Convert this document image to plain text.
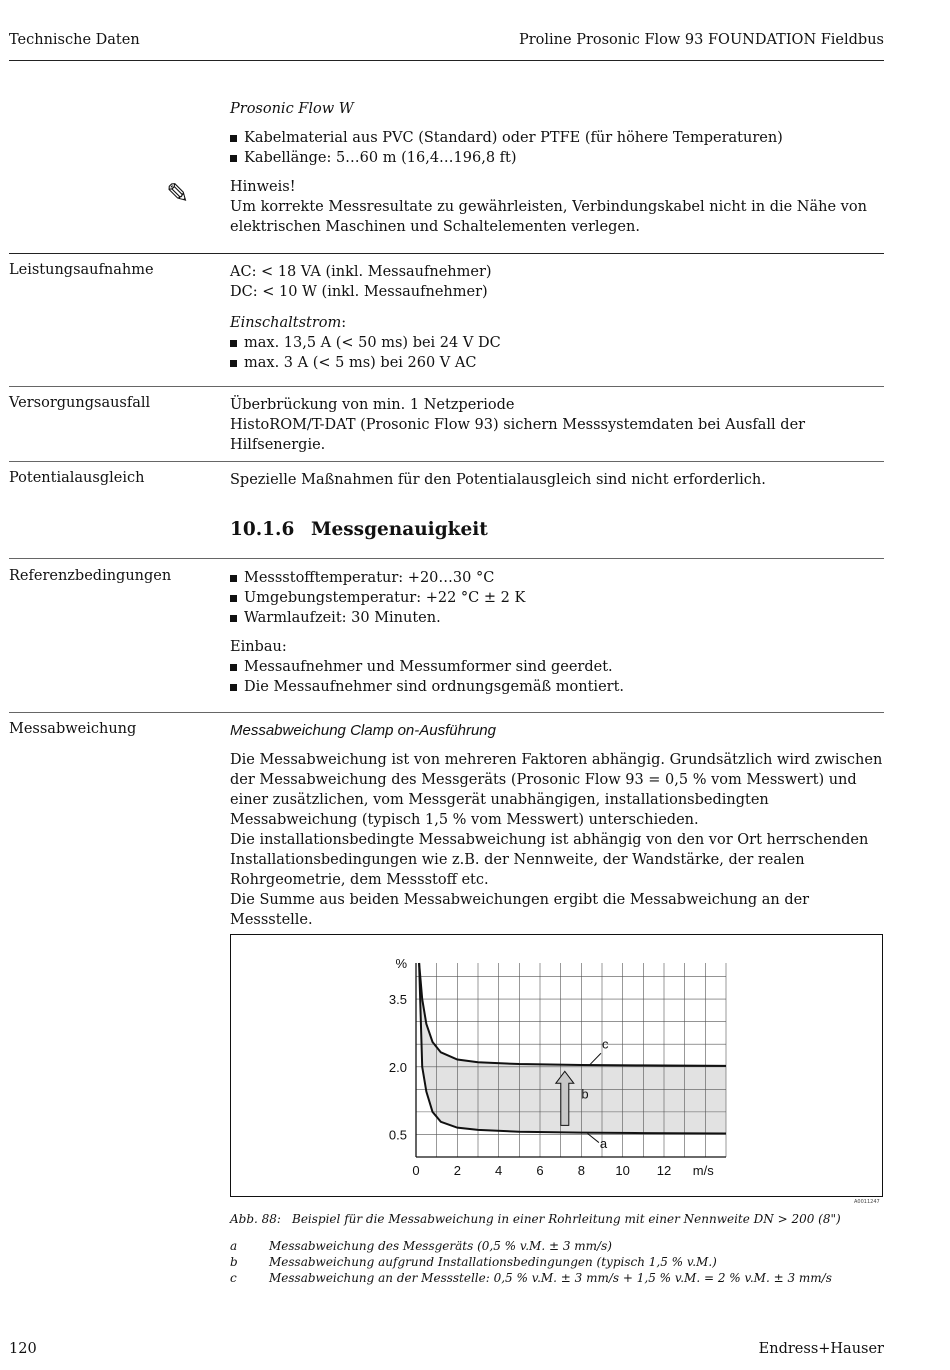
Technische Daten	Proline Prosonic Flow 93 FOUNDATION Fieldbus

Prosonic Flow W

Kabelmaterial aus PVC (Standard) oder PTFE (für höhere Temperaturen)
Kabellänge: 5…60 m (16,4…196,8 ft)

Hinweis!

Um korrekte Messresultate zu gewährleisten, Verbindungskabel nicht in die Nähe von elektrischen Maschinen und Schaltelementen verlegen.

✎
Leistungsaufnahme	AC: < 18 VA (inkl. Messaufnehmer)

DC: < 10 W (inkl. Messaufnehmer)

Einschaltstrom:

max. 13,5 A (< 50 ms) bei 24 V DC
max. 3 A (< 5 ms) bei 260 V AC
Versorgungsausfall	Überbrückung von min. 1 Netzperiode

HistoROM/T-DAT (Prosonic Flow 93) sichern Messsystemdaten bei Ausfall der Hilfsenergie.

Potentialausgleich	Spezielle Maßnahmen für den Potentialausgleich sind nicht erforderlich.
10.1.6 Messgenauigkeit
Referenzbedingungen	Messstofftemperatur: +20…30 °C
Umgebungstemperatur: +22 °C ± 2 K
Warmlaufzeit: 30 Minuten.

Einbau:

Messaufnehmer und Messumformer sind geerdet.
Die Messaufnehmer sind ordnungsgemäß montiert.
Messabweichung	Messabweichung Clamp on-Ausführung

Die Messabweichung ist von mehreren Faktoren abhängig. Grundsätzlich wird zwischen der Messabweichung des Messgeräts (Prosonic Flow 93 = 0,5 % vom Messwert) und einer zusätzlichen, vom Messgerät unabhängigen, installationsbedingten Messabweichung (typisch 1,5 % vom Messwert) unterschieden.

Die installationsbedingte Messabweichung ist abhängig von den vor Ort herrschenden Installationsbedingungen wie z.B. der Nennweite, der Wandstärke, der realen Rohrgeometrie, dem Messstoff etc.

Die Summe aus beiden Messabweichungen ergibt die Messabweichung an der Messstelle.

0	2	4	6	8 10 12 m/s
0.5
2.0
3.5
%
a
b
c
A0011247
Abb. 88: Beispiel für die Messabweichung in einer Rohrleitung mit einer Nennweite DN > 200 (8")
a	Messabweichung des Messgeräts (0,5 % v.M. ± 3 mm/s)
b	Messabweichung aufgrund Installationsbedingungen (typisch 1,5 % v.M.)
c	Messabweichung an der Messstelle: 0,5 % v.M. ± 3 mm/s + 1,5 % v.M. = 2 % v.M. ± 3 mm/s
120	Endress+Hauser
